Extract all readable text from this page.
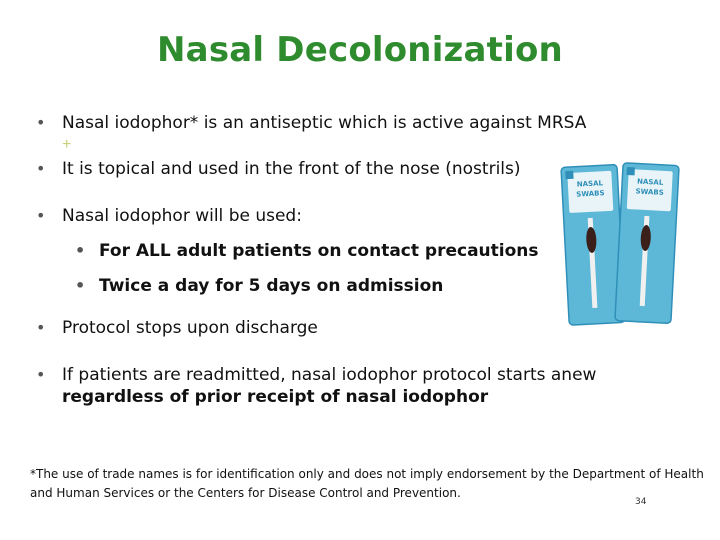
Nasal Decolonization
• Nasal iodophor* is an antiseptic which is active against MRSA
+
• It is topical and used in the front of the nose (nostrils)
• Nasal iodophor will be used:
• For ALL adult patients on contact precautions
• Twice a day for 5 days on admission
• Protocol stops upon discharge
• If patients are readmitted, nasal iodophor protocol starts anew
regardless of prior receipt of nasal iodophor
NASAL
SWABS
NASAL
SWABS
*The use of trade names is for identification only and does not imply endorsement by the Department of Health and Human Services or the Centers for Disease Control and Prevention.
34
